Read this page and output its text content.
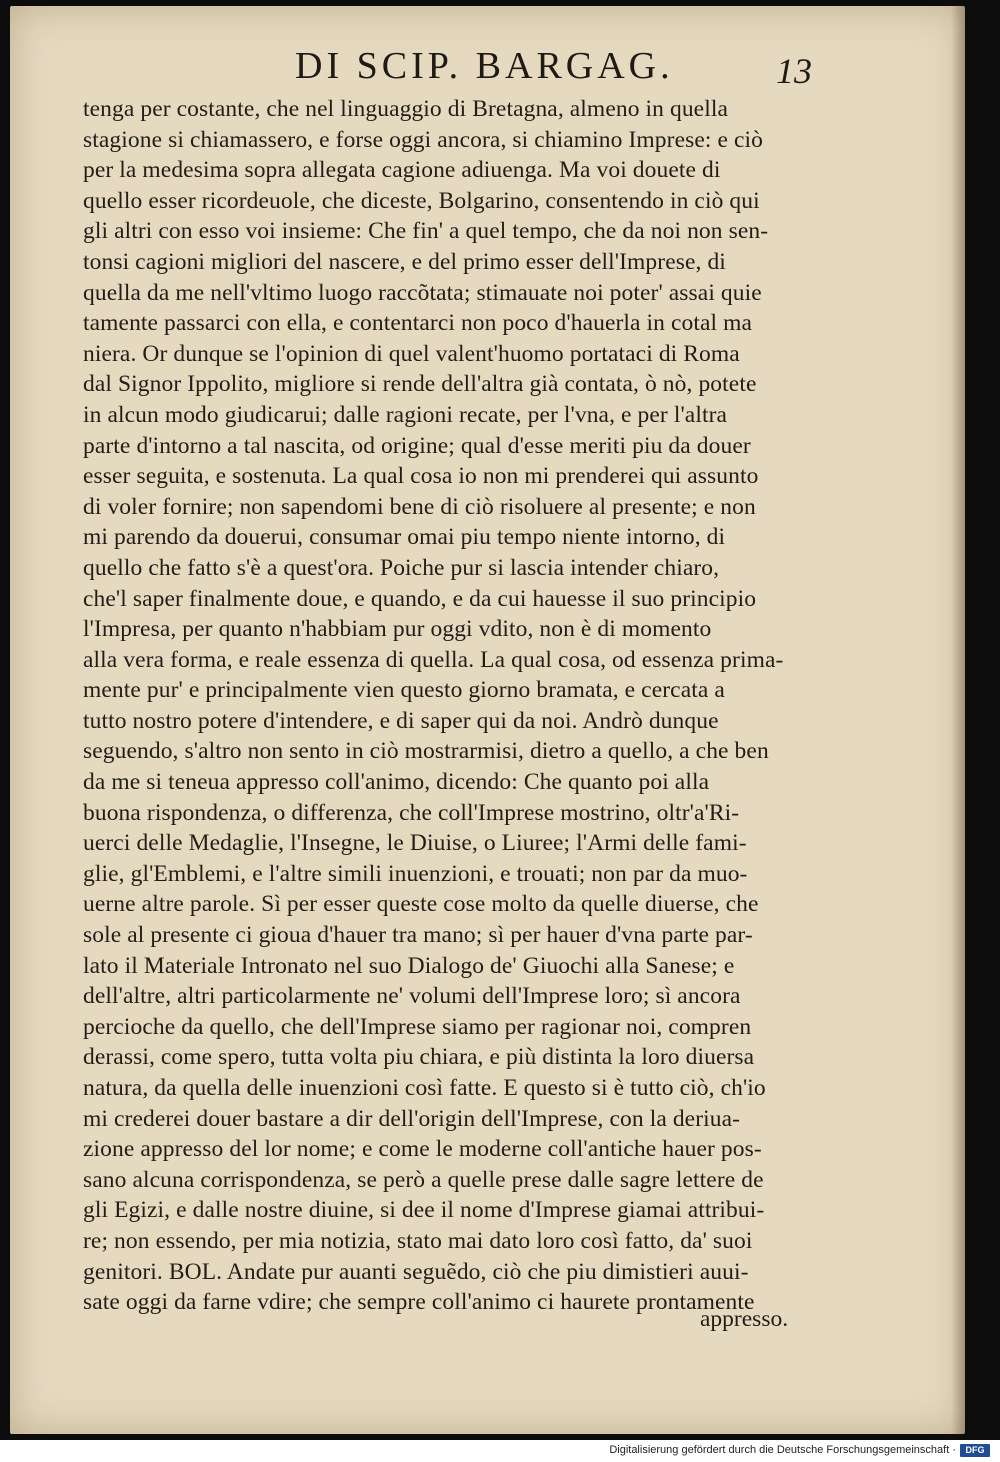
DI SCIP. BARGAG.	13
tenga per costante, che nel linguaggio di Bretagna, almeno in quella
stagione si chiamassero, e forse oggi ancora, si chiamino Imprese: e ciò
per la medesima sopra allegata cagione adiuenga. Ma voi douete di
quello esser ricordeuole, che diceste, Bolgarino, consentendo in ciò qui
gli altri con esso voi insieme: Che fin' a quel tempo, che da noi non sen-
tonsi cagioni migliori del nascere, e del primo esser dell'Imprese, di
quella da me nell'vltimo luogo raccõtata; stimauate noi poter' assai quie
tamente passarci con ella, e contentarci non poco d'hauerla in cotal ma
niera. Or dunque se l'opinion di quel valent'huomo portataci di Roma
dal Signor Ippolito, migliore si rende dell'altra già contata, ò nò, potete
in alcun modo giudicarui; dalle ragioni recate, per l'vna, e per l'altra
parte d'intorno a tal nascita, od origine; qual d'esse meriti piu da douer
esser seguita, e sostenuta. La qual cosa io non mi prenderei qui assunto
di voler fornire; non sapendomi bene di ciò risoluere al presente; e non
mi parendo da douerui, consumar omai piu tempo niente intorno, di
quello che fatto s'è a quest'ora. Poiche pur si lascia intender chiaro,
che'l saper finalmente doue, e quando, e da cui hauesse il suo principio
l'Impresa, per quanto n'habbiam pur oggi vdito, non è di momento
alla vera forma, e reale essenza di quella. La qual cosa, od essenza prima-
mente pur' e principalmente vien questo giorno bramata, e cercata a
tutto nostro potere d'intendere, e di saper qui da noi. Andrò dunque
seguendo, s'altro non sento in ciò mostrarmisi, dietro a quello, a che ben
da me si teneua appresso coll'animo, dicendo: Che quanto poi alla
buona rispondenza, o differenza, che coll'Imprese mostrino, oltr'a'Ri-
uerci delle Medaglie, l'Insegne, le Diuise, o Liuree; l'Armi delle fami-
glie, gl'Emblemi, e l'altre simili inuenzioni, e trouati; non par da muo-
uerne altre parole. Sì per esser queste cose molto da quelle diuerse, che
sole al presente ci gioua d'hauer tra mano; sì per hauer d'vna parte par-
lato il Materiale Intronato nel suo Dialogo de' Giuochi alla Sanese; e
dell'altre, altri particolarmente ne' volumi dell'Imprese loro; sì ancora
percioche da quello, che dell'Imprese siamo per ragionar noi, compren
derassi, come spero, tutta volta piu chiara, e più distinta la loro diuersa
natura, da quella delle inuenzioni così fatte. E questo si è tutto ciò, ch'io
mi crederei douer bastare a dir dell'origin dell'Imprese, con la deriua-
zione appresso del lor nome; e come le moderne coll'antiche hauer pos-
sano alcuna corrispondenza, se però a quelle prese dalle sagre lettere de
gli Egizi, e dalle nostre diuine, si dee il nome d'Imprese giamai attribui-
re; non essendo, per mia notizia, stato mai dato loro così fatto, da' suoi
genitori. BOL. Andate pur auanti seguẽdo, ciò che piu dimistieri auui-
sate oggi da farne vdire; che sempre coll'animo ci haurete prontamente
appresso.
Digitalisierung gefördert durch die Deutsche Forschungsgemeinschaft ·	DFG
